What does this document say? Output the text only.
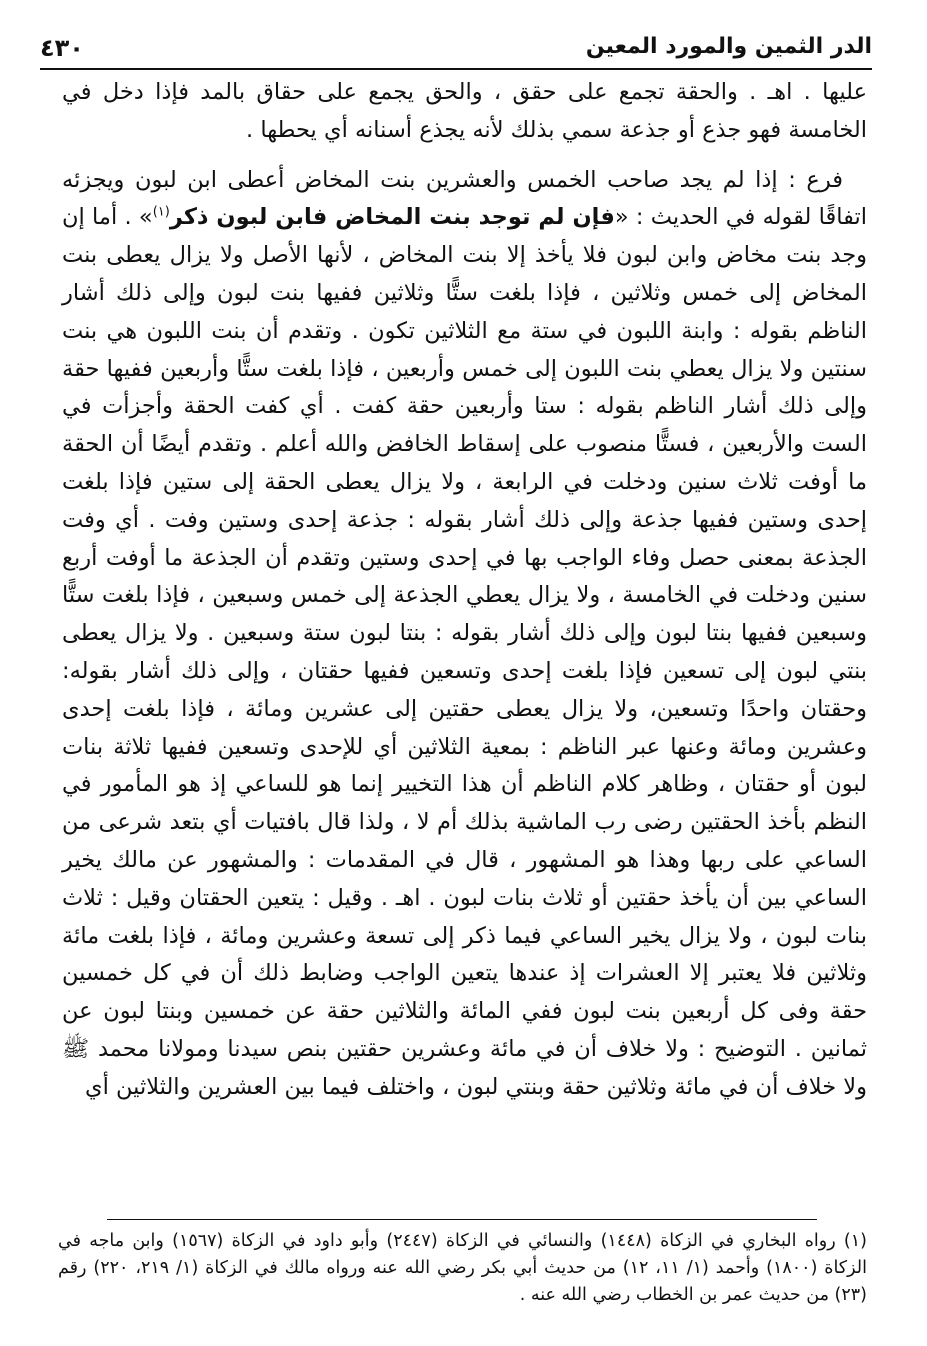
الدر الثمين والمورد المعين
٤٣٠

عليها . اهـ . والحقة تجمع على حقق ، والحق يجمع على حقاق بالمد فإذا دخل في الخامسة فهو جذع أو جذعة سمي بذلك لأنه يجذع أسنانه أي يحطها .

فرع : إذا لم يجد صاحب الخمس والعشرين بنت المخاض أعطى ابن لبون ويجزئه اتفاقًا لقوله في الحديث : «فإن لم توجد بنت المخاض فابن لبون ذكر$^{(١)}$» . أما إن وجد بنت مخاض وابن لبون فلا يأخذ إلا بنت المخاض ، لأنها الأصل ولا يزال يعطى بنت المخاض إلى خمس وثلاثين ، فإذا بلغت ستًّا وثلاثين ففيها بنت لبون وإلى ذلك أشار الناظم بقوله : وابنة اللبون في ستة مع الثلاثين تكون . وتقدم أن بنت اللبون هي بنت سنتين ولا يزال يعطي بنت اللبون إلى خمس وأربعين ، فإذا بلغت ستًّا وأربعين ففيها حقة وإلى ذلك أشار الناظم بقوله : ستا وأربعين حقة كفت . أي كفت الحقة وأجزأت في الست والأربعين ، فستًّا منصوب على إسقاط الخافض والله أعلم . وتقدم أيضًا أن الحقة ما أوفت ثلاث سنين ودخلت في الرابعة ، ولا يزال يعطى الحقة إلى ستين فإذا بلغت إحدى وستين ففيها جذعة وإلى ذلك أشار بقوله : جذعة إحدى وستين وفت . أي وفت الجذعة بمعنى حصل وفاء الواجب بها في إحدى وستين وتقدم أن الجذعة ما أوفت أربع سنين ودخلت في الخامسة ، ولا يزال يعطي الجذعة إلى خمس وسبعين ، فإذا بلغت ستًّا وسبعين ففيها بنتا لبون وإلى ذلك أشار بقوله : بنتا لبون ستة وسبعين . ولا يزال يعطى بنتي لبون إلى تسعين فإذا بلغت إحدى وتسعين ففيها حقتان ، وإلى ذلك أشار بقوله: وحقتان واحدًا وتسعين، ولا يزال يعطى حقتين إلى عشرين ومائة ، فإذا بلغت إحدى وعشرين ومائة وعنها عبر الناظم : بمعية الثلاثين أي للإحدى وتسعين ففيها ثلاثة بنات لبون أو حقتان ، وظاهر كلام الناظم أن هذا التخيير إنما هو للساعي إذ هو المأمور في النظم بأخذ الحقتين رضى رب الماشية بذلك أم لا ، ولذا قال بافتيات أي بتعد شرعى من الساعي على ربها وهذا هو المشهور ، قال في المقدمات : والمشهور عن مالك يخير الساعي بين أن يأخذ حقتين أو ثلاث بنات لبون . اهـ . وقيل : يتعين الحقتان وقيل : ثلاث بنات لبون ، ولا يزال يخير الساعي فيما ذكر إلى تسعة وعشرين ومائة ، فإذا بلغت مائة وثلاثين فلا يعتبر إلا العشرات إذ عندها يتعين الواجب وضابط ذلك أن في كل خمسين حقة وفى كل أربعين بنت لبون ففي المائة والثلاثين حقة عن خمسين وبنتا لبون عن ثمانين . التوضيح : ولا خلاف أن في مائة وعشرين حقتين بنص سيدنا ومولانا محمد ﷺ ولا خلاف أن في مائة وثلاثين حقة وبنتي لبون ، واختلف فيما بين العشرين والثلاثين أي

(١) رواه البخاري في الزكاة (١٤٤٨) والنسائي في الزكاة (٢٤٤٧) وأبو داود في الزكاة (١٥٦٧) وابن ماجه في الزكاة (١٨٠٠) وأحمد (١/ ١١، ١٢) من حديث أبي بكر رضي الله عنه ورواه مالك في الزكاة (١/ ٢١٩، ٢٢٠) رقم (٢٣) من حديث عمر بن الخطاب رضي الله عنه .
